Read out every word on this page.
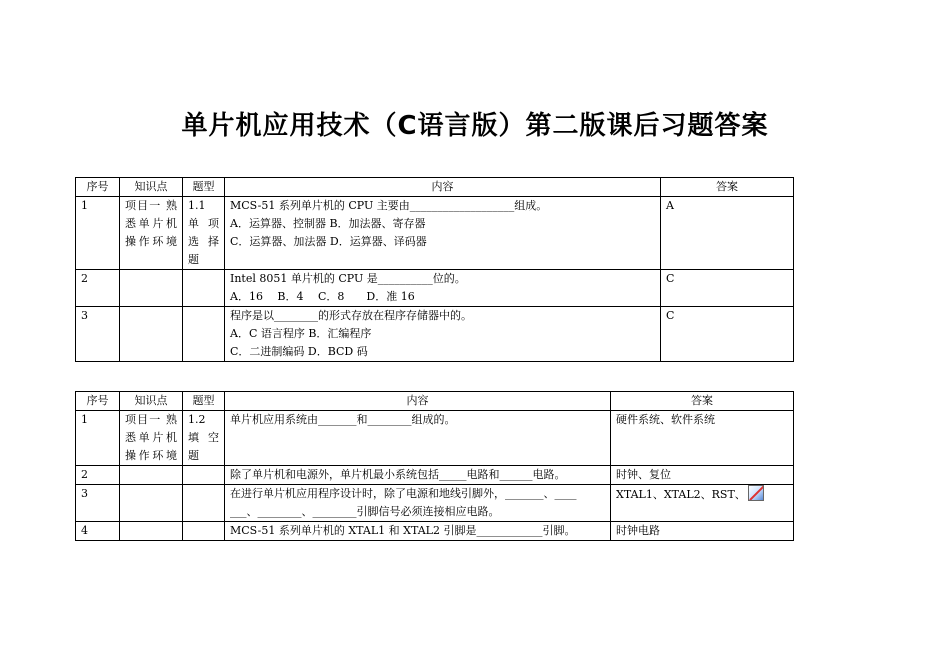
单片机应用技术（C语言版）第二版课后习题答案
序号	知识点	题型	内容	答案
1	项目一 熟悉单片机操作环境	1.1 单项选择题	MCS-51 系列单片机的 CPU 主要由___________________组成。
A．运算器、控制器 B．加法器、寄存器
C．运算器、加法器 D．运算器、译码器	A
2			Intel 8051 单片机的 CPU 是__________位的。
A．16　 B．4　 C．8　　D．准 16	C
3			程序是以________的形式存放在程序存储器中的。
A．C 语言程序 B．汇编程序
C．二进制编码 D．BCD 码	C
序号	知识点	题型	内容	答案
1	项目一 熟悉单片机操作环境	1.2 填空题	单片机应用系统由_______和________组成的。	硬件系统、软件系统
2			除了单片机和电源外，单片机最小系统包括_____电路和______电路。	时钟、复位
3			在进行单片机应用程序设计时，除了电源和地线引脚外，_______、____
___、________、________引脚信号必须连接相应电路。	XTAL1、XTAL2、RST、
4			MCS-51 系列单片机的 XTAL1 和 XTAL2 引脚是____________引脚。	时钟电路
